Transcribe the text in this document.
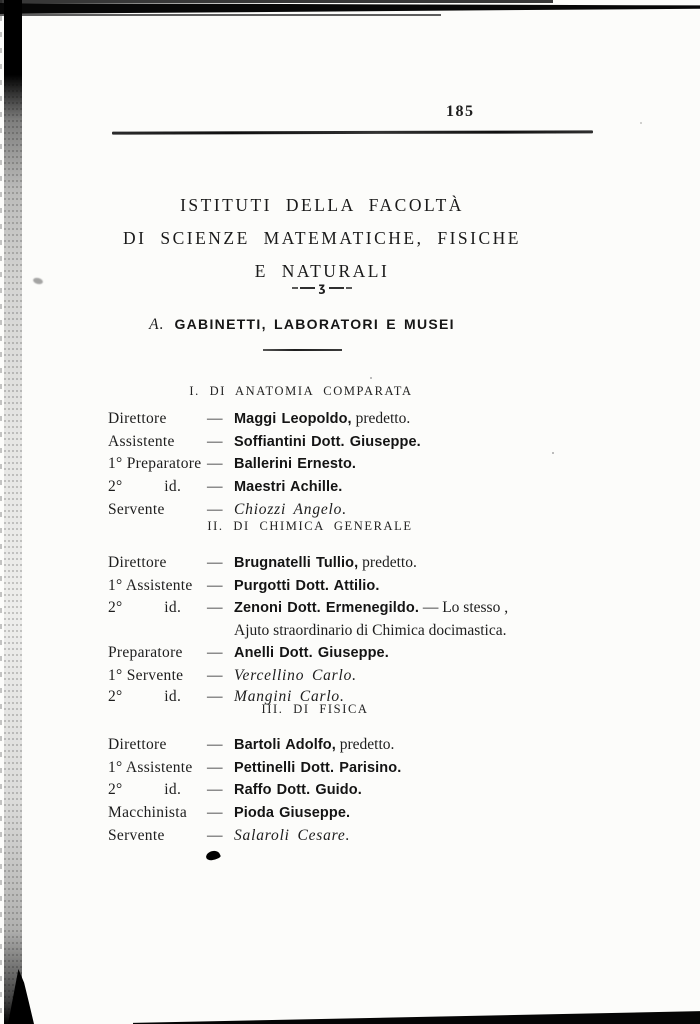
185
ISTITUTI DELLA FACOLTÀ
DI SCIENZE MATEMATICHE, FISICHE
E NATURALI
ʒ
A. GABINETTI, LABORATORI E MUSEI
I. DI ANATOMIA COMPARATA
Direttore	— Maggi Leopoldo, predetto.
Assistente	— Soffiantini Dott. Giuseppe.
1° Preparatore — Ballerini Ernesto.
2°          id.	— Maestri Achille.
Servente	— Chiozzi Angelo.
II. DI CHIMICA GENERALE
Direttore	— Brugnatelli Tullio, predetto.
1° Assistente — Purgotti Dott. Attilio.
2°          id.	— Zenoni Dott. Ermenegildo. — Lo stesso ,
Ajuto straordinario di Chimica docimastica.
Preparatore	— Anelli Dott. Giuseppe.
1° Servente	— Vercellino Carlo.
2°          id.	— Mangini Carlo.
III. DI FISICA
Direttore	— Bartoli Adolfo, predetto.
1° Assistente — Pettinelli Dott. Parisino.
2°          id.	— Raffo Dott. Guido.
Macchinista	— Pioda Giuseppe.
Servente	— Salaroli Cesare.
